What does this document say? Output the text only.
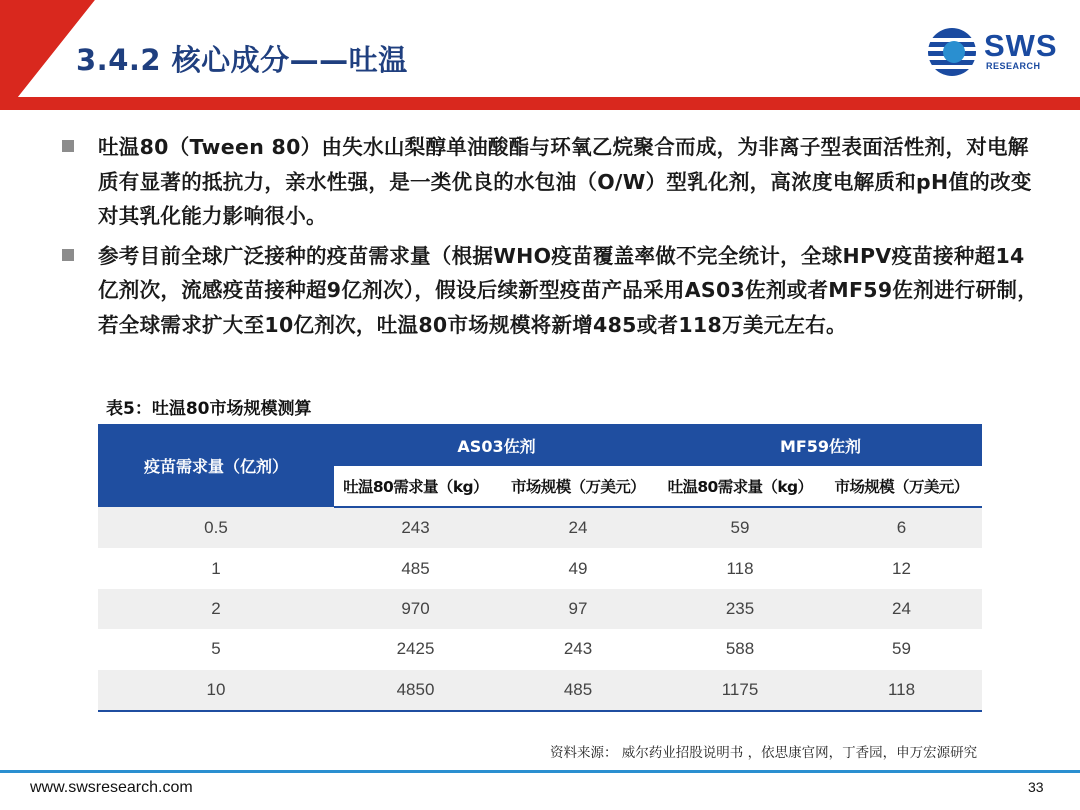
3.4.2 核心成分——吐温	SWS
RESEARCH
吐温80（Tween 80）由失水山梨醇单油酸酯与环氧乙烷聚合而成，为非离子型表面活性剂，对电解质有显著的抵抗力，亲水性强，是一类优良的水包油（O/W）型乳化剂，高浓度电解质和pH值的改变对其乳化能力影响很小。
参考目前全球广泛接种的疫苗需求量（根据WHO疫苗覆盖率做不完全统计，全球HPV疫苗接种超14亿剂次，流感疫苗接种超9亿剂次），假设后续新型疫苗产品采用AS03佐剂或者MF59佐剂进行研制，若全球需求扩大至10亿剂次，吐温80市场规模将新增485或者118万美元左右。
表5：吐温80市场规模测算
疫苗需求量（亿剂）	AS03佐剂		MF59佐剂	
	吐温80需求量（kg）	市场规模（万美元）	吐温80需求量（kg）	市场规模（万美元）
0.5	243	24	59	6
1	485	49	118	12
2	970	97	235	24
5	2425	243	588	59
10	4850	485	1175	118
资料来源： 威尔药业招股说明书 ，依思康官网，丁香园，申万宏源研究
www.swsresearch.com	33
